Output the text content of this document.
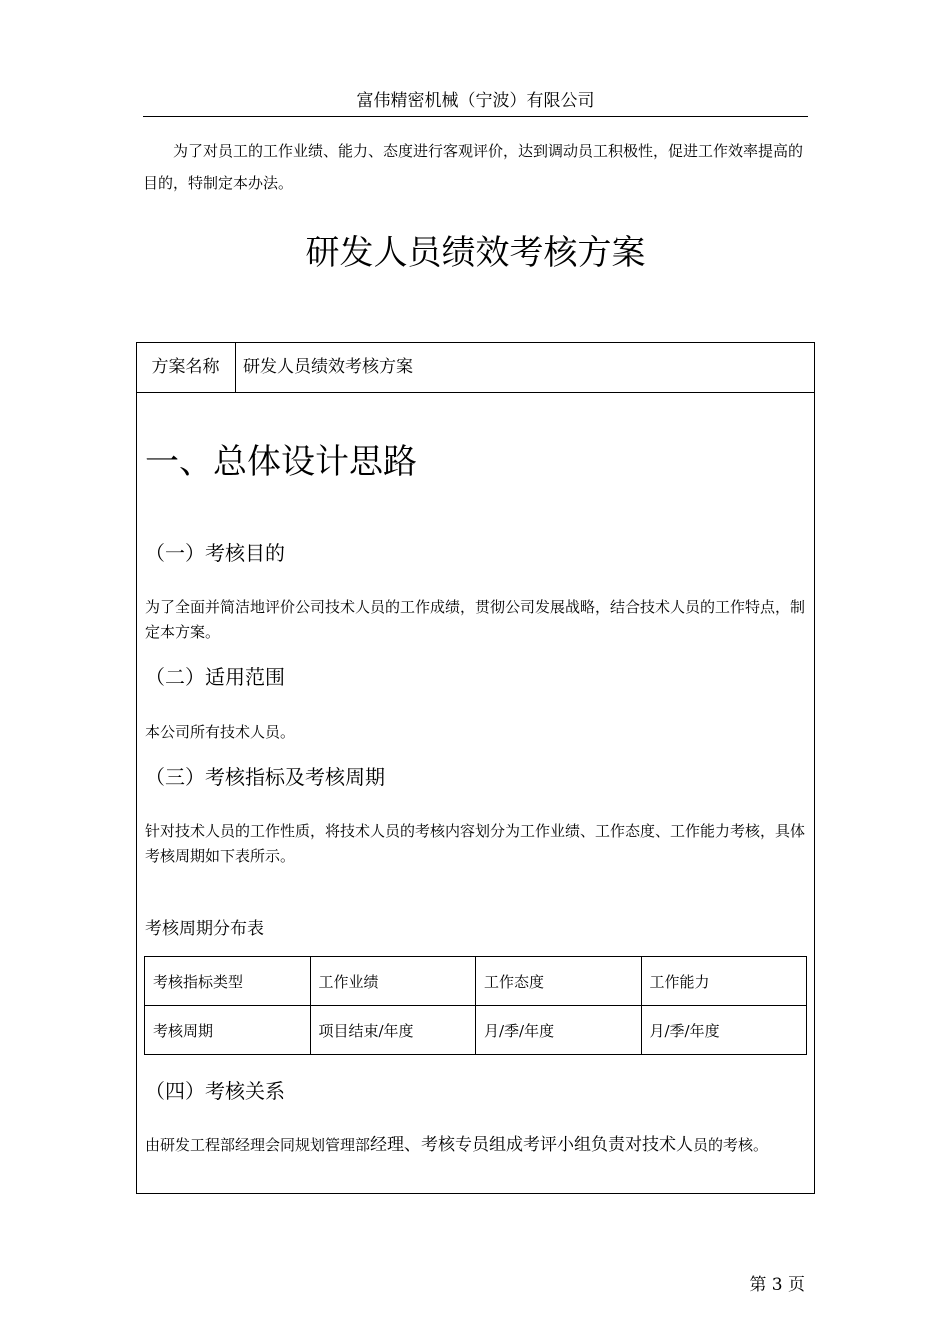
富伟精密机械（宁波）有限公司

为了对员工的工作业绩、能力、态度进行客观评价，达到调动员工积极性，促进工作效率提高的目的，特制定本办法。

研发人员绩效考核方案
方案名称	研发人员绩效考核方案
一、总体设计思路
（一）考核目的

为了全面并简洁地评价公司技术人员的工作成绩，贯彻公司发展战略，结合技术人员的工作特点，制定本方案。

（二）适用范围

本公司所有技术人员。

（三）考核指标及考核周期

针对技术人员的工作性质，将技术人员的考核内容划分为工作业绩、工作态度、工作能力考核，具体考核周期如下表所示。

考核周期分布表
考核指标类型	工作业绩	工作态度	工作能力
考核周期	项目结束/年度	月/季/年度	月/季/年度
（四）考核关系

由研发工程部经理会同规划管理部经理、考核专员组成考评小组负责对技术人员的考核。

第 3 页
